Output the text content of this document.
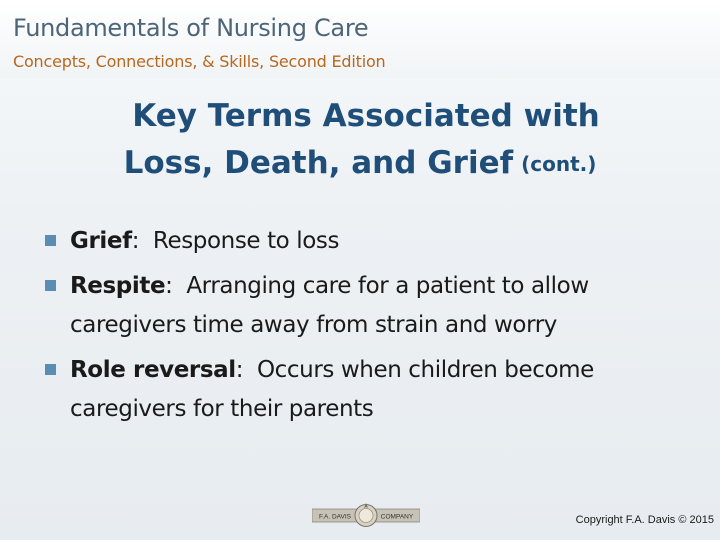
Fundamentals of Nursing Care
Concepts, Connections, & Skills, Second Edition
Key Terms Associated with
Loss, Death, and Grief (cont.)
Grief:  Response to loss
Respite:  Arranging care for a patient to allow caregivers time away from strain and worry
Role reversal:  Occurs when children become caregivers for their parents
F.A. DAVIS	COMPANY	Copyright F.A. Davis © 2015
